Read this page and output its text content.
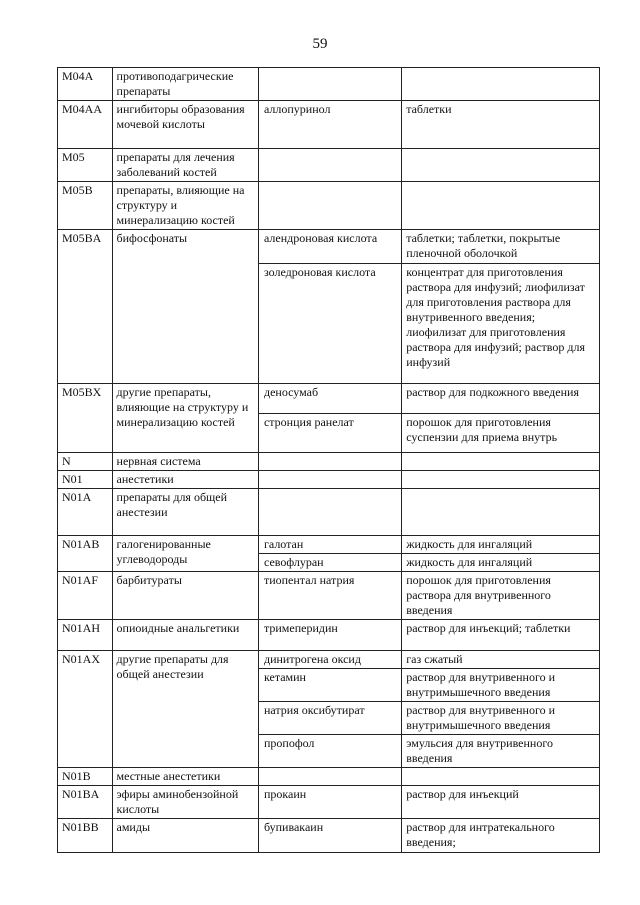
59
M04A	противоподагрические препараты		
M04AA	ингибиторы образования мочевой кислоты	аллопуринол	таблетки
M05	препараты для лечения заболеваний костей		
M05B	препараты, влияющие на структуру и минерализацию костей		
M05BA	бифосфонаты	алендроновая кислота	таблетки; таблетки, покрытые пленочной оболочкой
		золедроновая кислота	концентрат для приготовления раствора для инфузий; лиофилизат для приготовления раствора для внутривенного введения; лиофилизат для приготовления раствора для инфузий; раствор для инфузий
M05BX	другие препараты, влияющие на структуру и минерализацию костей	деносумаб	раствор для подкожного введения
		стронция ранелат	порошок для приготовления суспензии для приема внутрь
N	нервная система		
N01	анестетики		
N01A	препараты для общей анестезии		
N01AB	галогенированные углеводороды	галотан	жидкость для ингаляций
		севофлуран	жидкость для ингаляций
N01AF	барбитураты	тиопентал натрия	порошок для приготовления раствора для внутривенного введения
N01AH	опиоидные анальгетики	тримеперидин	раствор для инъекций; таблетки
N01AX	другие препараты для общей анестезии	динитрогена оксид	газ сжатый
		кетамин	раствор для внутривенного и внутримышечного введения
		натрия оксибутират	раствор для внутривенного и внутримышечного введения
		пропофол	эмульсия для внутривенного введения
N01B	местные анестетики		
N01BA	эфиры аминобензойной кислоты	прокаин	раствор для инъекций
N01BB	амиды	бупивакаин	раствор для интратекального введения;
